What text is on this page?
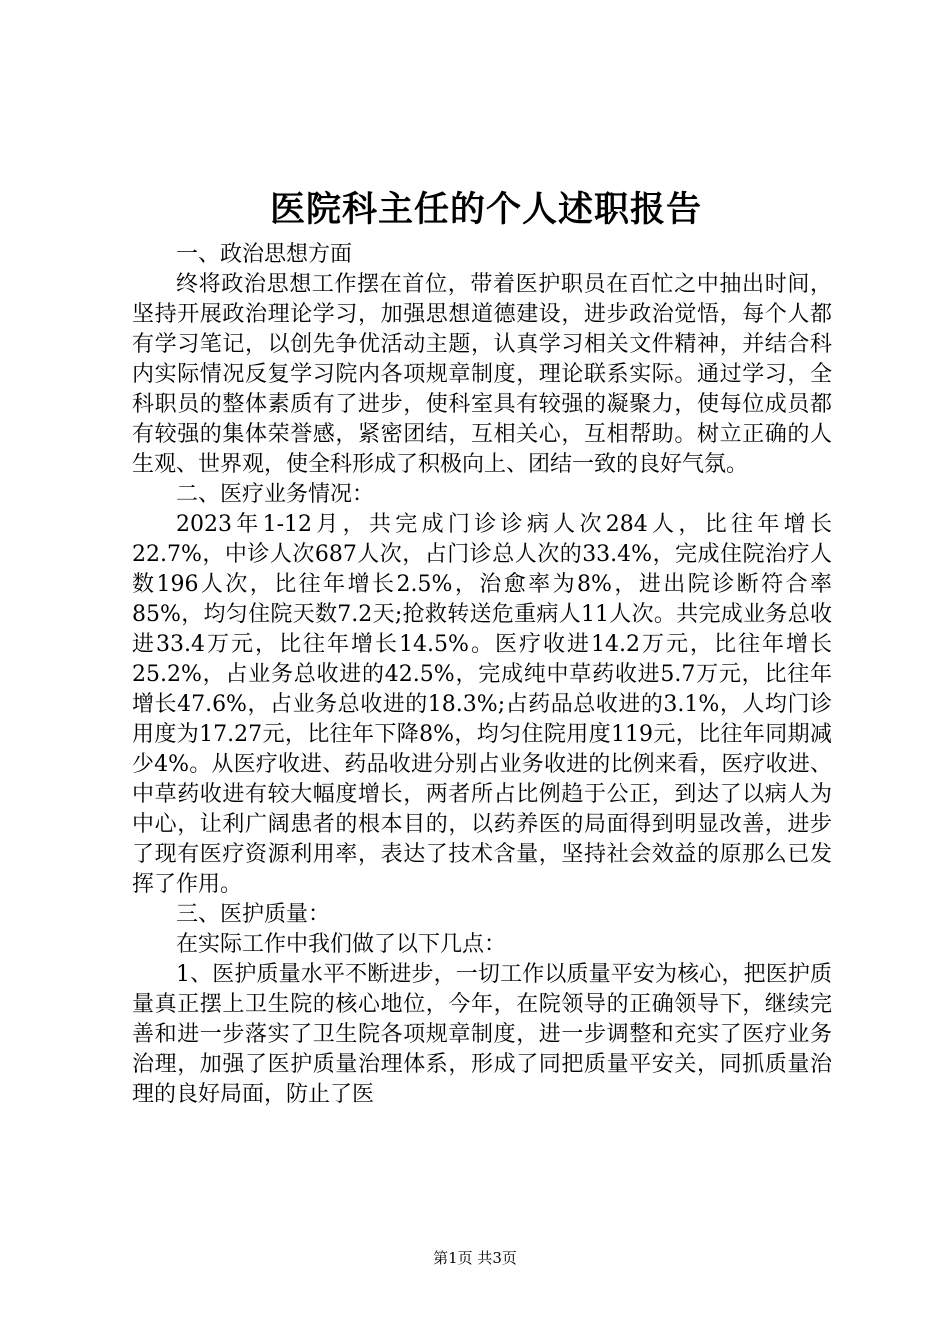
医院科主任的个人述职报告

一、政治思想方面

终将政治思想工作摆在首位，带着医护职员在百忙之中抽出时间，坚持开展政治理论学习，加强思想道德建设，进步政治觉悟，每个人都有学习笔记，以创先争优活动主题，认真学习相关文件精神，并结合科内实际情况反复学习院内各项规章制度，理论联系实际。通过学习，全科职员的整体素质有了进步，使科室具有较强的凝聚力，使每位成员都有较强的集体荣誉感，紧密团结，互相关心，互相帮助。树立正确的人生观、世界观，使全科形成了积极向上、团结一致的良好气氛。

二、医疗业务情况：

2023年1-12月，共完成门诊诊病人次284人，比往年增长22.7%，中诊人次687人次，占门诊总人次的33.4%，完成住院治疗人数196人次，比往年增长2.5%，治愈率为8%，进出院诊断符合率85%，均匀住院天数7.2天;抢救转送危重病人11人次。共完成业务总收进33.4万元，比往年增长14.5%。医疗收进14.2万元，比往年增长25.2%，占业务总收进的42.5%，完成纯中草药收进5.7万元，比往年增长47.6%，占业务总收进的18.3%;占药品总收进的3.1%，人均门诊用度为17.27元，比往年下降8%，均匀住院用度119元，比往年同期减少4%。从医疗收进、药品收进分别占业务收进的比例来看，医疗收进、中草药收进有较大幅度增长，两者所占比例趋于公正，到达了以病人为中心，让利广阔患者的根本目的，以药养医的局面得到明显改善，进步了现有医疗资源利用率，表达了技术含量，坚持社会效益的原那么已发挥了作用。

三、医护质量：

在实际工作中我们做了以下几点：

1、医护质量水平不断进步，一切工作以质量平安为核心，把医护质量真正摆上卫生院的核心地位，今年，在院领导的正确领导下，继续完善和进一步落实了卫生院各项规章制度，进一步调整和充实了医疗业务治理，加强了医护质量治理体系，形成了同把质量平安关，同抓质量治理的良好局面，防止了医

第1页 共3页
